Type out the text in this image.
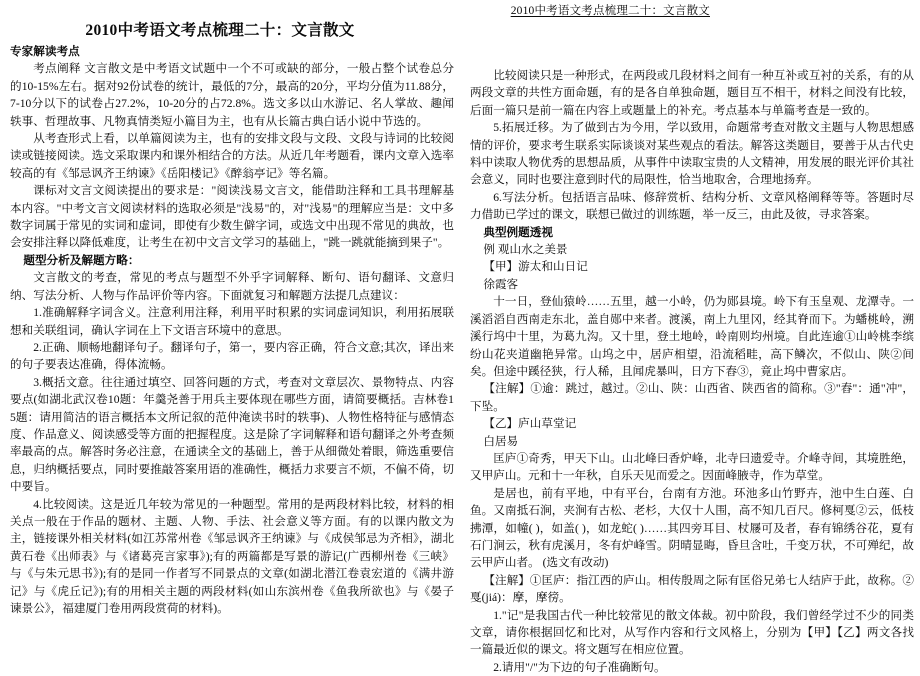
2010中考语文考点梳理二十：文言散文
2010中考语文考点梳理二十：文言散文

专家解读考点

考点阐释 文言散文是中考语文试题中一个不可或缺的部分，一般占整个试卷总分的10-15%左右。据对92份试卷的统计，最低的7分，最高的20分，平均分值为11.88分，7-10分以下的试卷占27.2%，10-20分的占72.8%。选文多以山水游记、名人掌故、趣闻轶事、哲理故事、凡物真情类短小篇目为主，也有从长篇古典白话小说中节选的。

从考查形式上看，以单篇阅读为主，也有的安排文段与文段、文段与诗词的比较阅读或链接阅读。选文采取课内和课外相结合的方法。从近几年考题看，课内文章入选率较高的有《邹忌讽齐王纳谏》《岳阳楼记》《醉翁亭记》等名篇。

课标对文言文阅读提出的要求是："阅读浅易文言文，能借助注释和工具书理解基本内容。"中考文言文阅读材料的选取必须是"浅易"的，对"浅易"的理解应当是：文中多数字词属于常见的实词和虚词，即使有少数生僻字词，或选文中出现不常见的典故，也会安排注释以降低难度，让考生在初中文言文学习的基础上，"跳一跳就能摘到果子"。

题型分析及解题方略：

文言散文的考查，常见的考点与题型不外乎字词解释、断句、语句翻译、文意归纳、写法分析、人物与作品评价等内容。下面就复习和解题方法提几点建议：

1.准确解释字词含义。注意利用注释，利用平时积累的实词虚词知识，利用拓展联想和关联组词，确认字词在上下文语言环境中的意思。

2.正确、顺畅地翻译句子。翻译句子，第一，要内容正确，符合文意;其次，译出来的句子要表达准确，得体流畅。

3.概括文意。往往通过填空、回答问题的方式，考查对文章层次、景物特点、内容要点(如湖北武汉卷10题：年羹尧善于用兵主要体现在哪些方面，请简要概括。吉林卷15题：请用简洁的语言概括本文所记叙的范仲淹读书时的轶事)、人物性格特征与感情态度、作品意义、阅读感受等方面的把握程度。这是除了字词解释和语句翻译之外考查频率最高的点。解答时务必注意，在通读全文的基础上，善于从细微处着眼，筛选重要信息，归纳概括要点，同时要推敲答案用语的准确性，概括力求要言不烦，不偏不倚，切中要旨。

4.比较阅读。这是近几年较为常见的一种题型。常用的是两段材料比较，材料的相关点一般在于作品的题材、主题、人物、手法、社会意义等方面。有的以课内散文为主，链接课外相关材料(如江苏常州卷《邹忌讽齐王纳谏》与《成侯邹忌为齐相》，湖北黄石卷《出师表》与《诸葛亮言家事》);有的两篇都是写景的游记(广西柳州卷《三峡》与《与朱元思书》);有的是同一作者写不同景点的文章(如湖北潜江卷袁宏道的《满井游记》与《虎丘记》);有的用相关主题的两段材料(如山东滨州卷《鱼我所欲也》与《晏子谏景公》，福建厦门卷用两段赏荷的材料)。

比较阅读只是一种形式，在两段或几段材料之间有一种互补或互衬的关系，有的从两段文章的共性方面命题，有的是各自单独命题，题目互不相干，材料之间没有比较，后面一篇只是前一篇在内容上或题量上的补充。考点基本与单篇考查是一致的。

5.拓展迁移。为了做到古为今用，学以致用，命题常考查对散文主题与人物思想感情的评价，要求考生联系实际谈谈对某些观点的看法。解答这类题目，要善于从古代史料中读取人物优秀的思想品质，从事件中读取宝贵的人文精神，用发展的眼光评价其社会意义，同时也要注意到时代的局限性，恰当地取舍，合理地扬弃。

6.写法分析。包括语言品味、修辞赏析、结构分析、文章风格阐释等等。答题时尽力借助已学过的课文，联想已做过的训练题，举一反三，由此及彼，寻求答案。

典型例题透视

例 观山水之美景

【甲】游太和山日记

徐霞客

十一日，登仙猿岭……五里，越一小岭，仍为郧县境。岭下有玉皇观、龙潭寺。一溪滔滔自西南走东北，盖自郧中来者。渡溪，南上九里冈，经其脊而下。为蟠桃岭，溯溪行坞中十里，为葛九沟。又十里，登土地岭，岭南则均州境。自此连逾①山岭桃李缤纷山花夹道幽艳异常。山坞之中，居庐相望，沿流稻畦，高下鳞次，不似山、陕②间矣。但途中蹊径狭，行人稀，且闻虎暴叫，日方下舂③，竟止坞中曹家店。

【注解】①逾：跳过，越过。②山、陕：山西省、陕西省的简称。③"舂"：通"冲"，下坠。

【乙】庐山草堂记

白居易

匡庐①奇秀，甲天下山。山北峰曰香炉峰，北寺曰遗爱寺。介峰寺间，其境胜绝，又甲庐山。元和十一年秋，自乐天见而爱之。因面峰腋寺，作为草堂。

是居也，前有平地，中有平台，台南有方池。环池多山竹野卉，池中生白莲、白鱼。又南抵石涧，夹涧有古松、老杉，大仅十人围，高不知几百尺。修柯戛②云，低枝拂潭，如幢( )，如盖( )，如龙蛇( )……其四旁耳目、杖屦可及者，春有锦绣谷花，夏有石门涧云，秋有虎溪月，冬有炉峰雪。阴晴显晦，昏旦含吐，千变万状，不可殚纪，故云甲庐山者。 (选文有改动)

【注解】①匡庐：指江西的庐山。相传殷周之际有匡俗兄弟七人结庐于此，故称。②戛(jiá)：摩，摩徬。

1."记"是我国古代一种比较常见的散文体裁。初中阶段，我们曾经学过不少的同类文章，请你根据回忆和比对，从写作内容和行文风格上，分别为【甲】【乙】两文各找一篇最近似的课文。将文题写在相应位置。

2.请用"/"为下边的句子准确断句。
